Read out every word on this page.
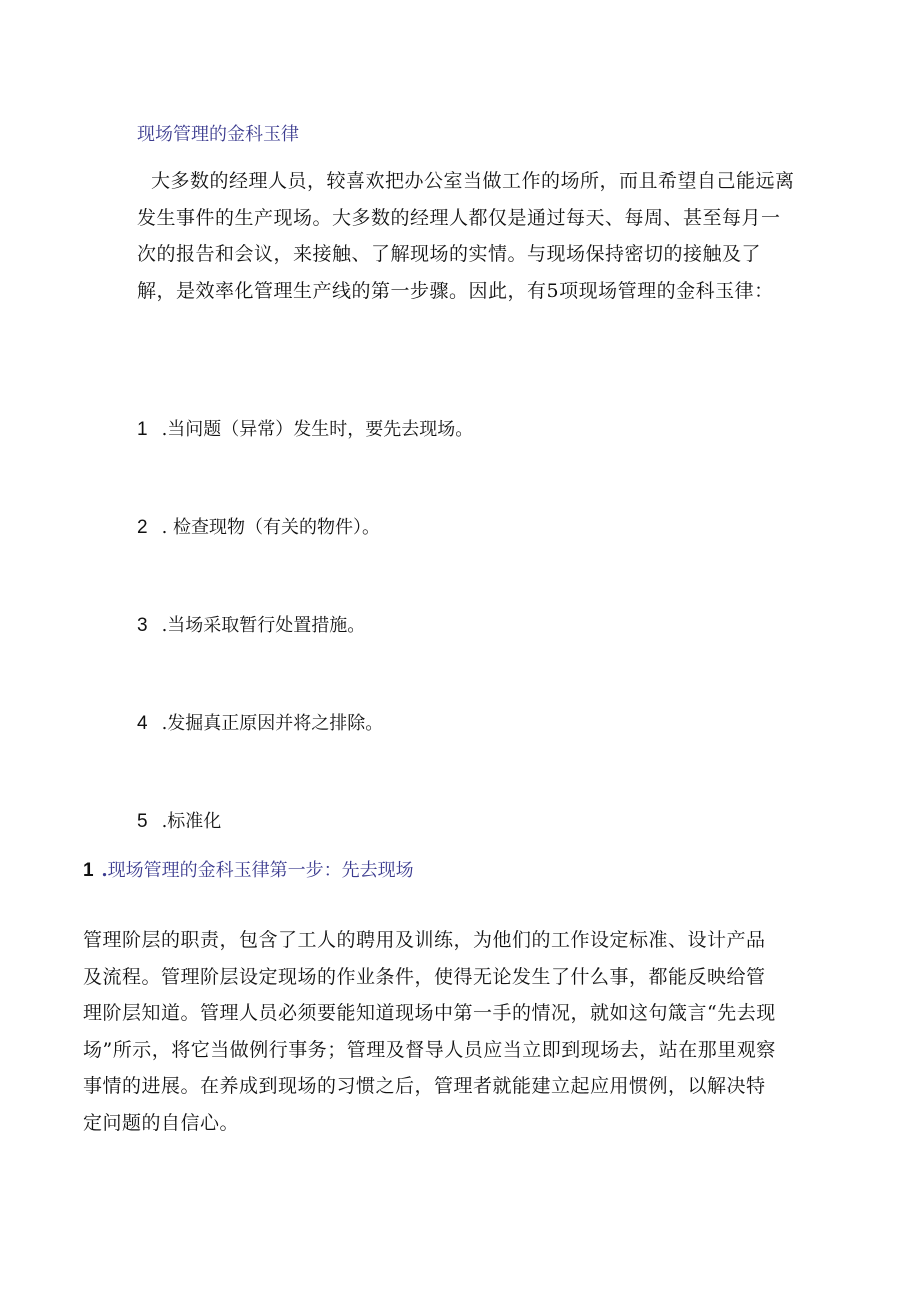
现场管理的金科玉律
大多数的经理人员，较喜欢把办公室当做工作的场所，而且希望自己能远离发生事件的生产现场。大多数的经理人都仅是通过每天、每周、甚至每月一次的报告和会议，来接触、了解现场的实情。与现场保持密切的接触及了解，是效率化管理生产线的第一步骤。因此，有5项现场管理的金科玉律：
1 .当问题（异常）发生时，要先去现场。
2 . 检查现物（有关的物件）。
3 .当场采取暂行处置措施。
4 .发掘真正原因并将之排除。
5 .标准化
1 .现场管理的金科玉律第一步：先去现场
管理阶层的职责，包含了工人的聘用及训练，为他们的工作设定标准、设计产品及流程。管理阶层设定现场的作业条件，使得无论发生了什么事，都能反映给管理阶层知道。管理人员必须要能知道现场中第一手的情况，就如这句箴言“先去现场”所示，将它当做例行事务；管理及督导人员应当立即到现场去，站在那里观察事情的进展。在养成到现场的习惯之后，管理者就能建立起应用惯例，以解决特定问题的自信心。
